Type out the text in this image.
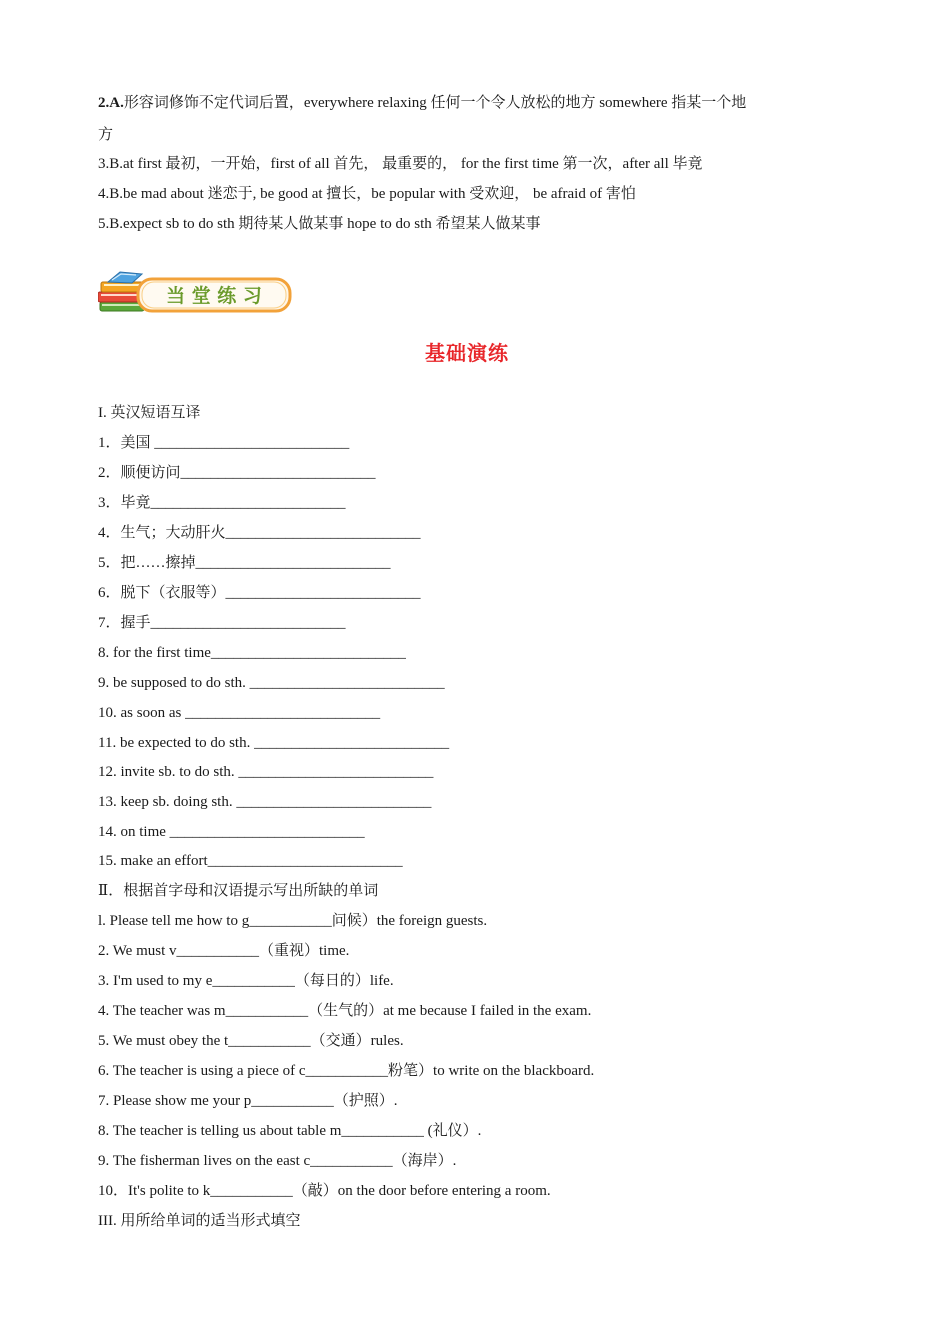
2.A.形容词修饰不定代词后置，everywhere relaxing 任何一个令人放松的地方 somewhere 指某一个地
方
3.B.at first 最初，一开始，first of all 首先， 最重要的， for the first time 第一次，after all 毕竟
4.B.be mad about 迷恋于, be good at 擅长，be popular with 受欢迎， be afraid of 害怕
5.B.expect sb to do sth 期待某人做某事 hope to do sth 希望某人做某事
当 堂 练 习
基础演练
I. 英汉短语互译
1．美国 __________________________
2．顺便访问__________________________
3．毕竟__________________________
4．生气；大动肝火__________________________
5．把……擦掉__________________________
6．脱下（衣服等）__________________________
7．握手__________________________
8. for the first time__________________________
9. be supposed to do sth. __________________________
10. as soon as __________________________
11. be expected to do sth. __________________________
12. invite sb. to do sth. __________________________
13. keep sb. doing sth. __________________________
14. on time __________________________
15. make an effort__________________________
Ⅱ．根据首字母和汉语提示写出所缺的单词
l. Please tell me how to g___________问候）the foreign guests.
2. We must v___________（重视）time.
3. I'm used to my e___________（每日的）life.
4. The teacher was m___________（生气的）at me because I failed in the exam.
5. We must obey the t___________（交通）rules.
6. The teacher is using a piece of c___________粉笔）to write on the blackboard.
7. Please show me your p___________（护照）.
8. The teacher is telling us about table m___________ (礼仪）.
9. The fisherman lives on the east c___________（海岸）.
10．It's polite to k___________（敲）on the door before entering a room.
III. 用所给单词的适当形式填空
